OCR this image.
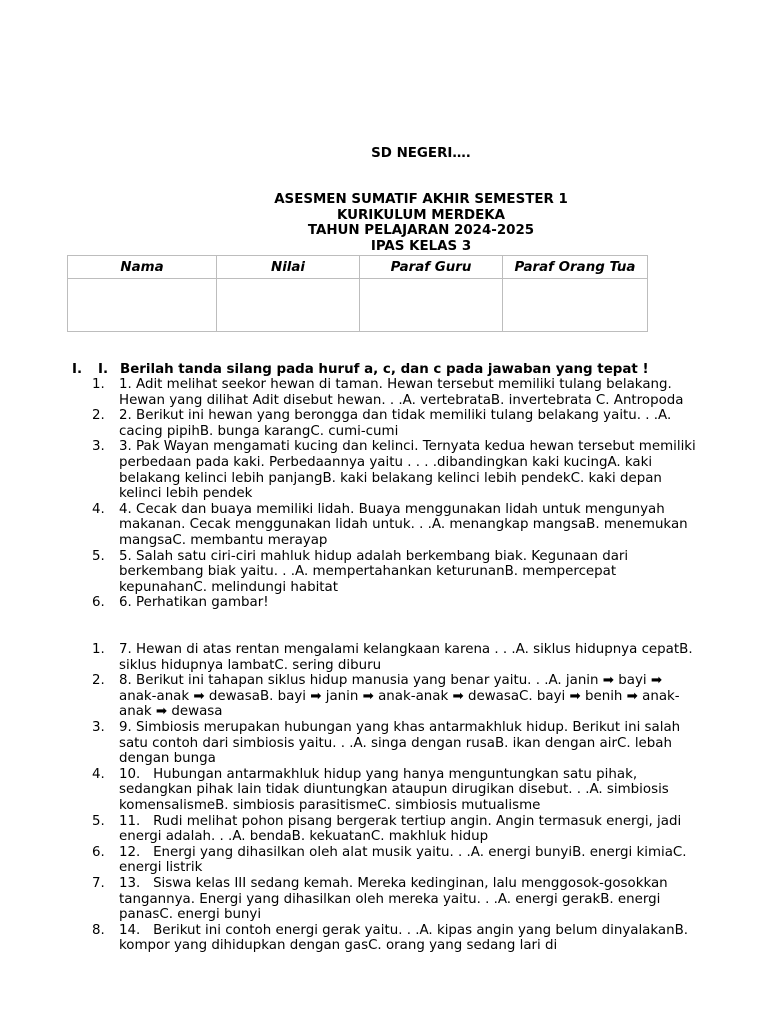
SD NEGERI….
ASESMEN SUMATIF AKHIR SEMESTER 1
KURIKULUM MERDEKA
TAHUN PELAJARAN 2024-2025
IPAS KELAS 3
Nama	Nilai	Paraf Guru	Paraf Orang Tua

I. I. Berilah tanda silang pada huruf a, c, dan c pada jawaban yang tepat !
1.	1.	Adit melihat seekor hewan di taman. Hewan tersebut memiliki tulang belakang. Hewan yang dilihat Adit disebut hewan. . .A. vertebrataB. invertebrata C. Antropoda
2.	2.	Berikut ini hewan yang berongga dan tidak memiliki tulang belakang yaitu. . .A. cacing pipihB. bunga karangC. cumi-cumi
3.	3.	Pak Wayan mengamati kucing dan kelinci. Ternyata kedua hewan tersebut memiliki perbedaan pada kaki. Perbedaannya yaitu . . . .dibandingkan kaki kucingA. kaki belakang kelinci lebih panjangB. kaki belakang kelinci lebih pendekC. kaki depan kelinci lebih pendek
4.	4.	Cecak dan buaya memiliki lidah. Buaya menggunakan lidah untuk mengunyah makanan. Cecak menggunakan lidah untuk. . .A. menangkap mangsaB. menemukan mangsaC. membantu merayap
5.	5.	Salah satu ciri-ciri mahluk hidup adalah berkembang biak. Kegunaan dari berkembang biak yaitu. . .A. mempertahankan keturunanB. mempercepat kepunahanC. melindungi habitat
6.	6.	Perhatikan gambar!
1.	7.	Hewan di atas rentan mengalami kelangkaan karena . . .A. siklus hidupnya cepatB. siklus hidupnya lambatC. sering diburu
2.	8.	Berikut ini tahapan siklus hidup manusia yang benar yaitu. . .A. janin ➡ bayi ➡ anak-anak ➡ dewasaB. bayi ➡ janin ➡ anak-anak ➡ dewasaC. bayi ➡ benih ➡ anak-anak ➡ dewasa
3.	9.	Simbiosis merupakan hubungan yang khas antarmakhluk hidup. Berikut ini salah satu contoh dari simbiosis yaitu. . .A. singa dengan rusaB. ikan dengan airC. lebah dengan bunga
4.	10.	Hubungan antarmakhluk hidup yang hanya menguntungkan satu pihak, sedangkan pihak lain tidak diuntungkan ataupun dirugikan disebut. . .A. simbiosis komensalismeB. simbiosis parasitismeC. simbiosis mutualisme
5.	11.	Rudi melihat pohon pisang bergerak tertiup angin. Angin termasuk energi, jadi energi adalah. . .A. bendaB. kekuatanC. makhluk hidup
6.	12.	Energi yang dihasilkan oleh alat musik yaitu. . .A. energi bunyiB. energi kimiaC. energi listrik
7.	13.	Siswa kelas III sedang kemah. Mereka kedinginan, lalu menggosok-gosokkan tangannya. Energi yang dihasilkan oleh mereka yaitu. . .A. energi gerakB. energi panasC. energi bunyi
8.	14.	Berikut ini contoh energi gerak yaitu. . .A. kipas angin yang belum dinyalakanB. kompor yang dihidupkan dengan gasC. orang yang sedang lari di
